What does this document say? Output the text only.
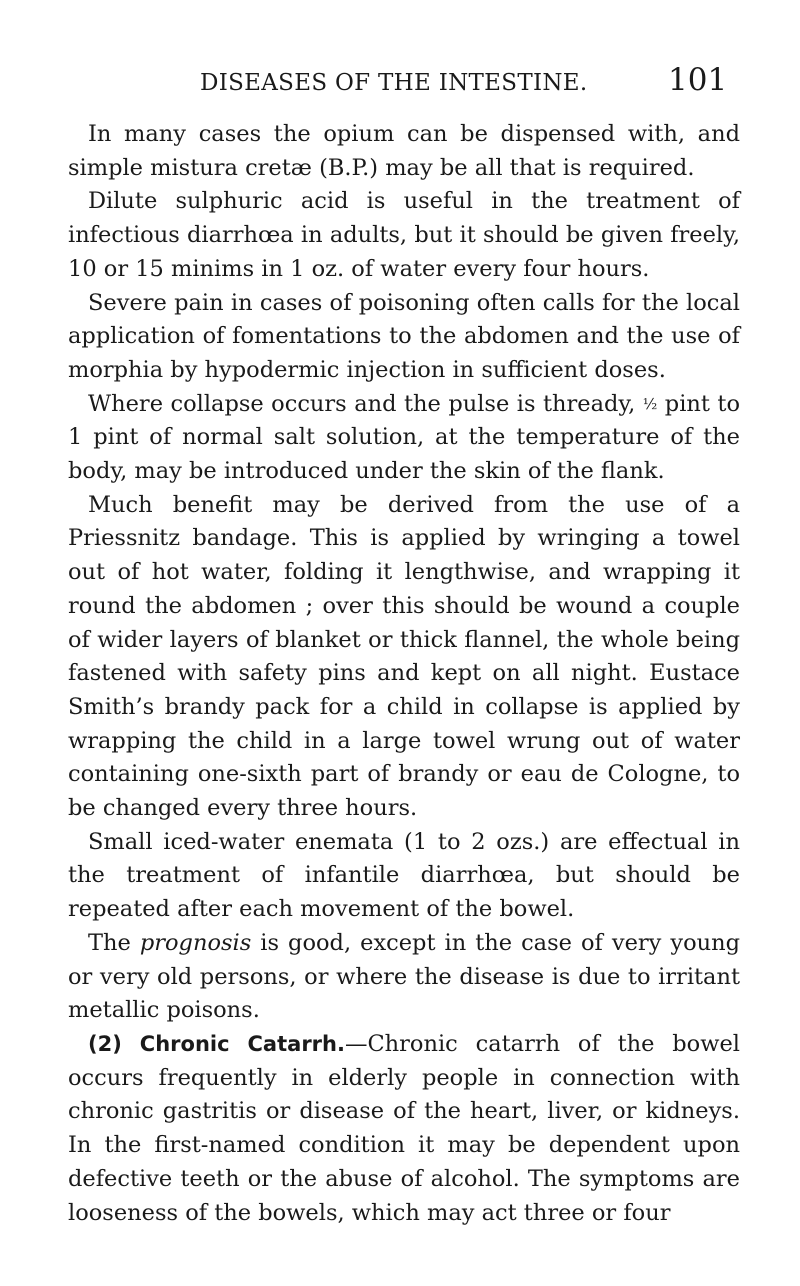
DISEASES OF THE INTESTINE.	101

In many cases the opium can be dispensed with, and simple mistura cretæ (B.P.) may be all that is required.

Dilute sulphuric acid is useful in the treatment of infectious diarrhœa in adults, but it should be given freely, 10 or 15 minims in 1 oz. of water every four hours.

Severe pain in cases of poisoning often calls for the local application of fomentations to the abdomen and the use of morphia by hypodermic injection in sufficient doses.

Where collapse occurs and the pulse is thready, ½ pint to 1 pint of normal salt solution, at the temperature of the body, may be introduced under the skin of the flank.

Much benefit may be derived from the use of a Priessnitz bandage. This is applied by wringing a towel out of hot water, folding it lengthwise, and wrapping it round the abdomen ; over this should be wound a couple of wider layers of blanket or thick flannel, the whole being fastened with safety pins and kept on all night. Eustace Smith’s brandy pack for a child in collapse is applied by wrapping the child in a large towel wrung out of water containing one-sixth part of brandy or eau de Cologne, to be changed every three hours.

Small iced-water enemata (1 to 2 ozs.) are effectual in the treatment of infantile diarrhœa, but should be repeated after each movement of the bowel.

The prognosis is good, except in the case of very young or very old persons, or where the disease is due to irritant metallic poisons.

(2) Chronic Catarrh.—Chronic catarrh of the bowel occurs frequently in elderly people in connection with chronic gastritis or disease of the heart, liver, or kidneys. In the first-named condition it may be dependent upon defective teeth or the abuse of alcohol. The symptoms are looseness of the bowels, which may act three or four
